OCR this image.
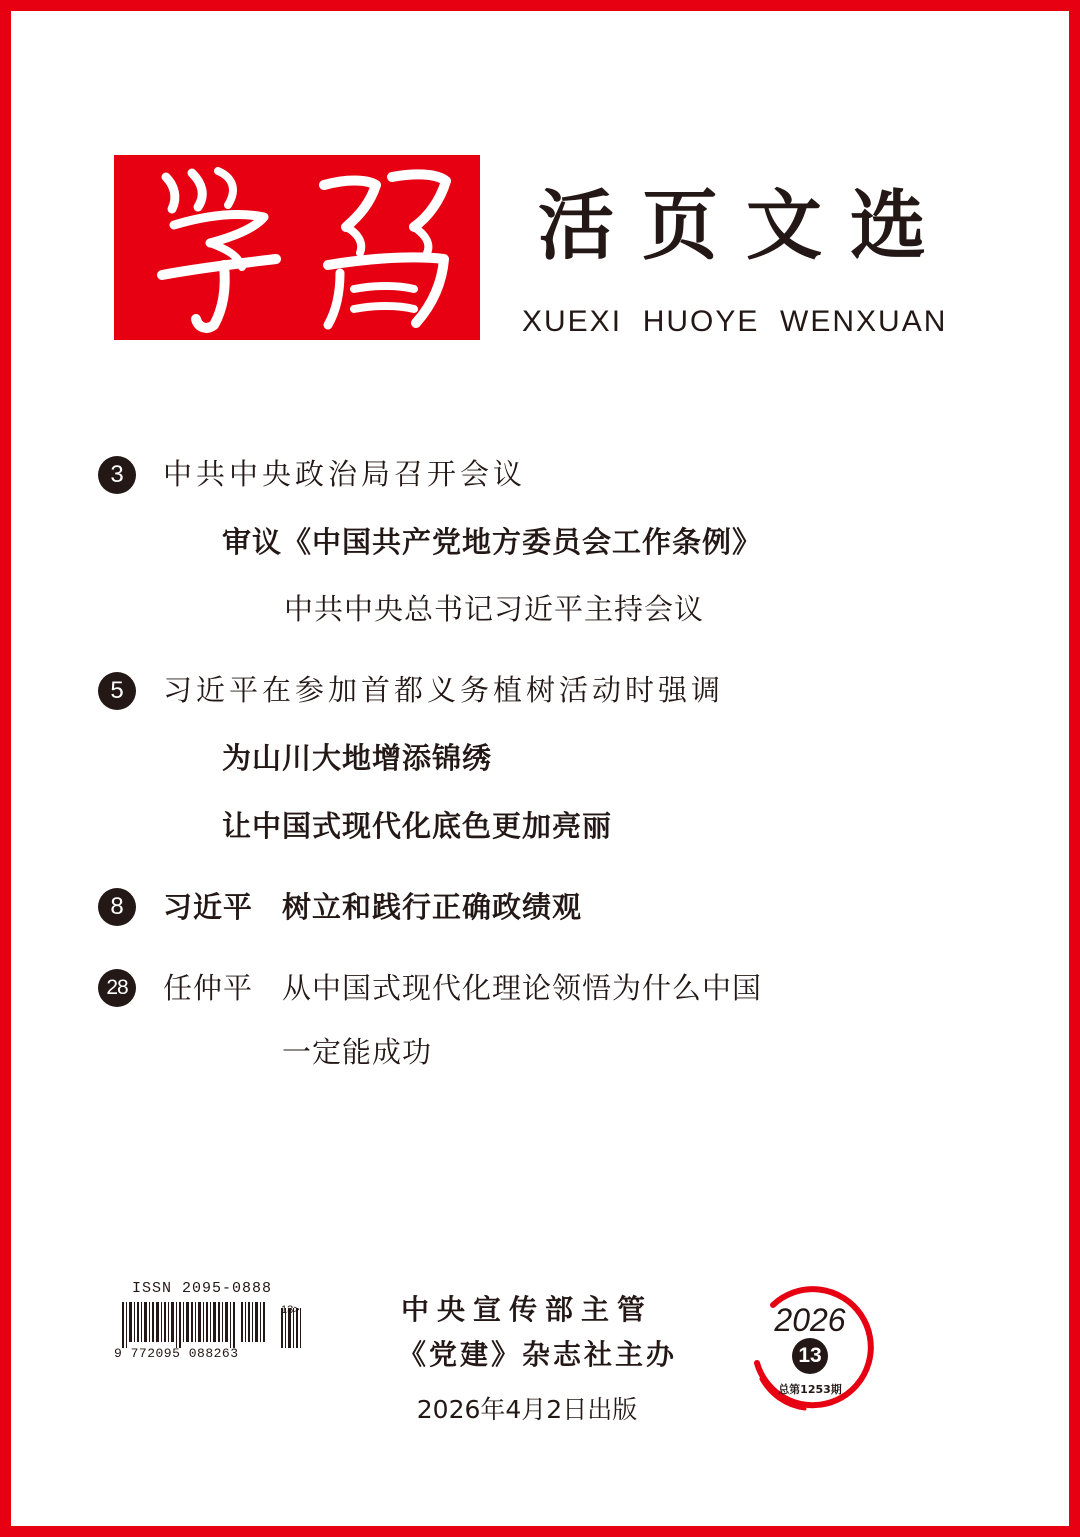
活页文选
XUEXI  HUOYE  WENXUAN
3	中共中央政治局召开会议
审议《中国共产党地方委员会工作条例》
中共中央总书记习近平主持会议
5	习近平在参加首都义务植树活动时强调
为山川大地增添锦绣
让中国式现代化底色更加亮丽
8	习近平 树立和践行正确政绩观
28 任仲平 从中国式现代化理论领悟为什么中国
一定能成功
ISSN 2095-0888
13>
9 772095 088263
中央宣传部主管
《党建》杂志社主办
2026年4月2日出版
2026
13
总第1253期
